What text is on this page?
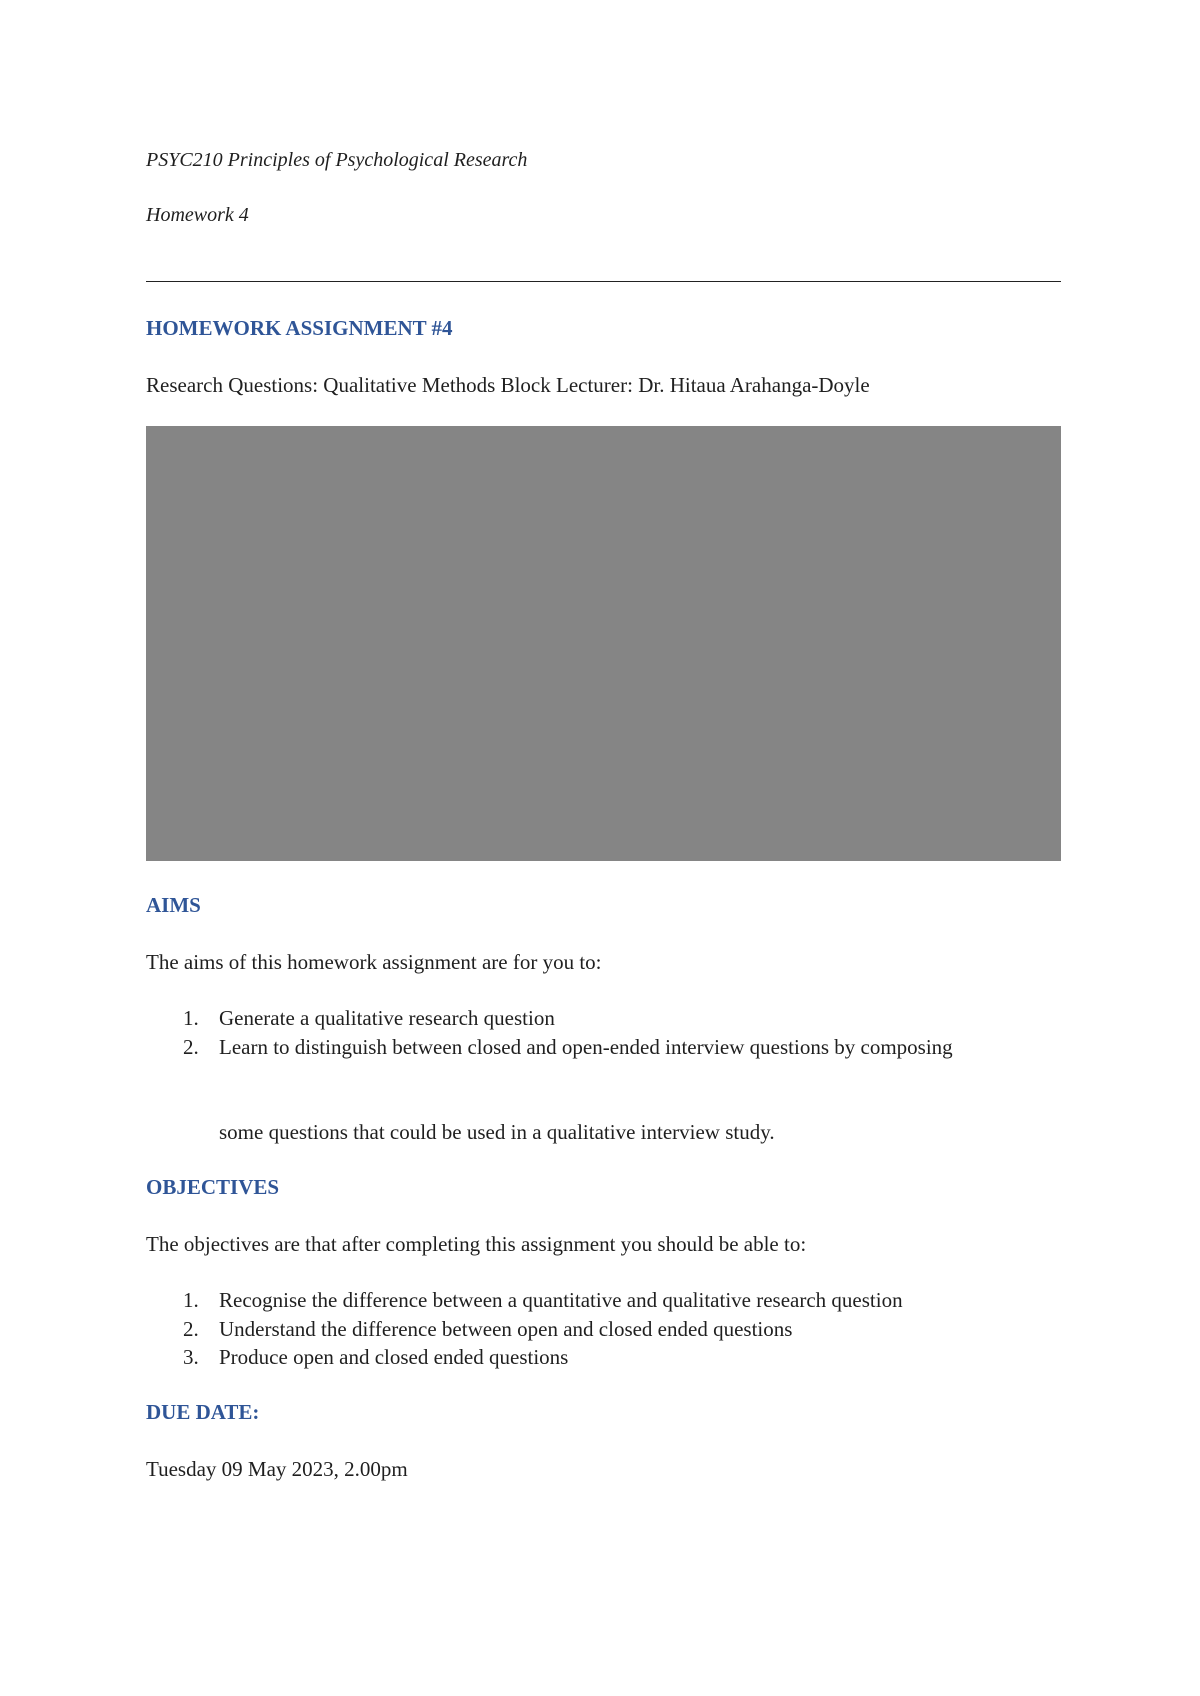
PSYC210 Principles of Psychological Research
Homework 4
HOMEWORK ASSIGNMENT #4
Research Questions: Qualitative Methods Block Lecturer: Dr. Hitaua Arahanga-Doyle
AIMS
The aims of this homework assignment are for you to:
1. Generate a qualitative research question
2. Learn to distinguish between closed and open-ended interview questions by composing
some questions that could be used in a qualitative interview study.
OBJECTIVES
The objectives are that after completing this assignment you should be able to:
1. Recognise the difference between a quantitative and qualitative research question
2. Understand the difference between open and closed ended questions
3. Produce open and closed ended questions
DUE DATE:
Tuesday 09 May 2023, 2.00pm
